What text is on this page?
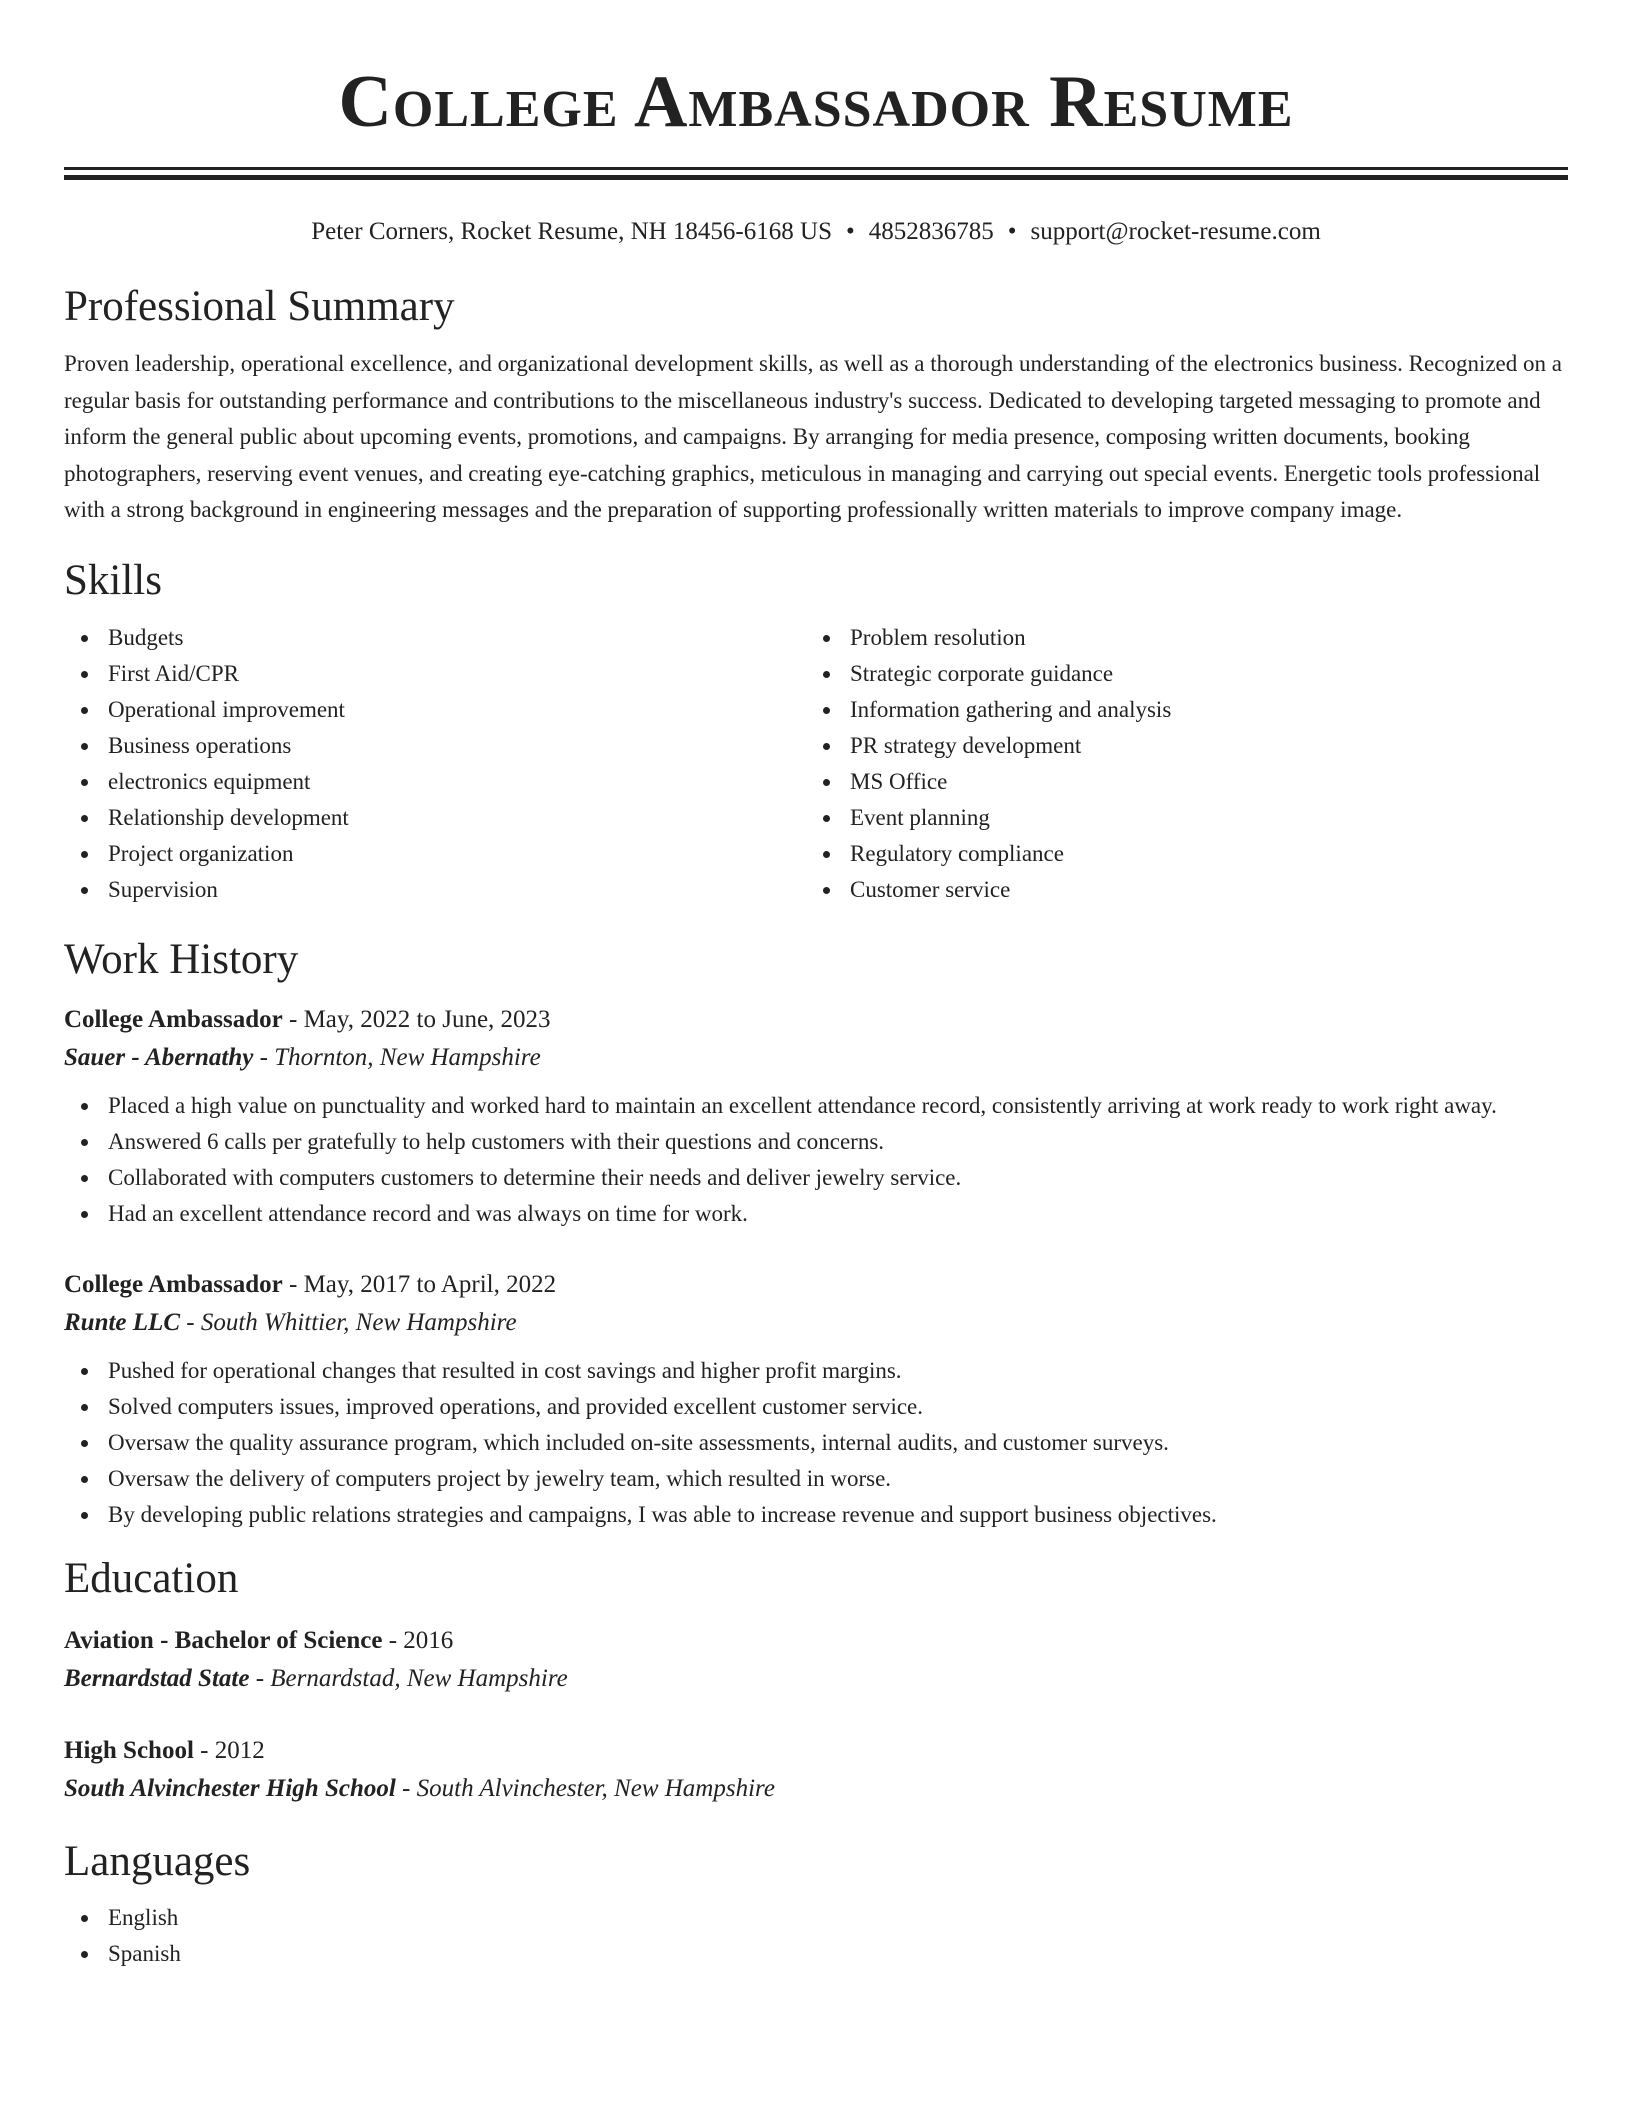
College Ambassador Resume
Peter Corners, Rocket Resume, NH 18456-6168 US • 4852836785 • support@rocket-resume.com
Professional Summary

Proven leadership, operational excellence, and organizational development skills, as well as a thorough understanding of the electronics business. Recognized on a regular basis for outstanding performance and contributions to the miscellaneous industry's success. Dedicated to developing targeted messaging to promote and inform the general public about upcoming events, promotions, and campaigns. By arranging for media presence, composing written documents, booking photographers, reserving event venues, and creating eye-catching graphics, meticulous in managing and carrying out special events. Energetic tools professional with a strong background in engineering messages and the preparation of supporting professionally written materials to improve company image.

Skills
Budgets
First Aid/CPR
Operational improvement
Business operations
electronics equipment
Relationship development
Project organization
Supervision
Problem resolution
Strategic corporate guidance
Information gathering and analysis
PR strategy development
MS Office
Event planning
Regulatory compliance
Customer service
Work History
College Ambassador - May, 2022 to June, 2023
Sauer - Abernathy - Thornton, New Hampshire
Placed a high value on punctuality and worked hard to maintain an excellent attendance record, consistently arriving at work ready to work right away.
Answered 6 calls per gratefully to help customers with their questions and concerns.
Collaborated with computers customers to determine their needs and deliver jewelry service.
Had an excellent attendance record and was always on time for work.
College Ambassador - May, 2017 to April, 2022
Runte LLC - South Whittier, New Hampshire
Pushed for operational changes that resulted in cost savings and higher profit margins.
Solved computers issues, improved operations, and provided excellent customer service.
Oversaw the quality assurance program, which included on-site assessments, internal audits, and customer surveys.
Oversaw the delivery of computers project by jewelry team, which resulted in worse.
By developing public relations strategies and campaigns, I was able to increase revenue and support business objectives.
Education
Aviation - Bachelor of Science - 2016
Bernardstad State - Bernardstad, New Hampshire
High School - 2012
South Alvinchester High School - South Alvinchester, New Hampshire
Languages
English
Spanish
